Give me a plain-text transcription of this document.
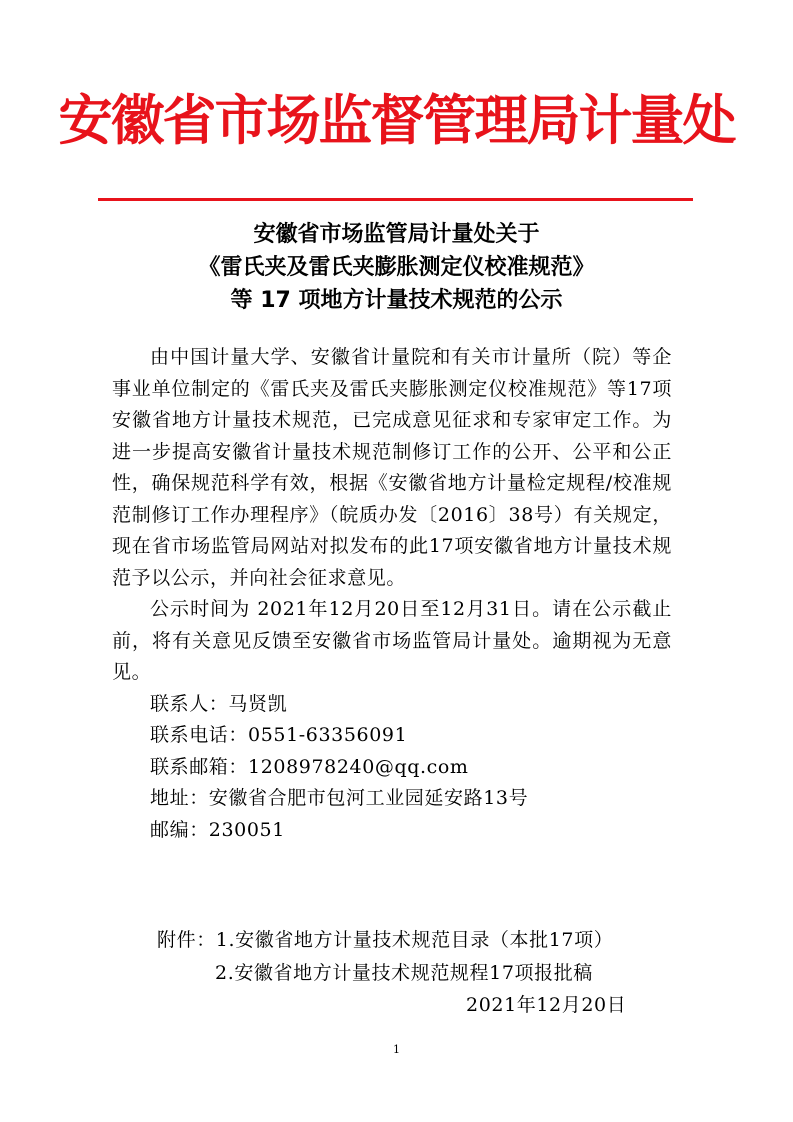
安徽省市场监督管理局计量处
安徽省市场监管局计量处关于
《雷氏夹及雷氏夹膨胀测定仪校准规范》
等 17 项地方计量技术规范的公示

由中国计量大学、安徽省计量院和有关市计量所（院）等企事业单位制定的《雷氏夹及雷氏夹膨胀测定仪校准规范》等17项安徽省地方计量技术规范，已完成意见征求和专家审定工作。为进一步提高安徽省计量技术规范制修订工作的公开、公平和公正性，确保规范科学有效，根据《安徽省地方计量检定规程/校准规范制修订工作办理程序》（皖质办发〔2016〕38号）有关规定，现在省市场监管局网站对拟发布的此17项安徽省地方计量技术规范予以公示，并向社会征求意见。

公示时间为 2021年12月20日至12月31日。请在公示截止前，将有关意见反馈至安徽省市场监管局计量处。逾期视为无意见。

联系人：马贤凯

联系电话：0551-63356091

联系邮箱：1208978240@qq.com

地址：安徽省合肥市包河工业园延安路13号

邮编：230051

附件：1.安徽省地方计量技术规范目录（本批17项）
2.安徽省地方计量技术规范规程17项报批稿
2021年12月20日
1
